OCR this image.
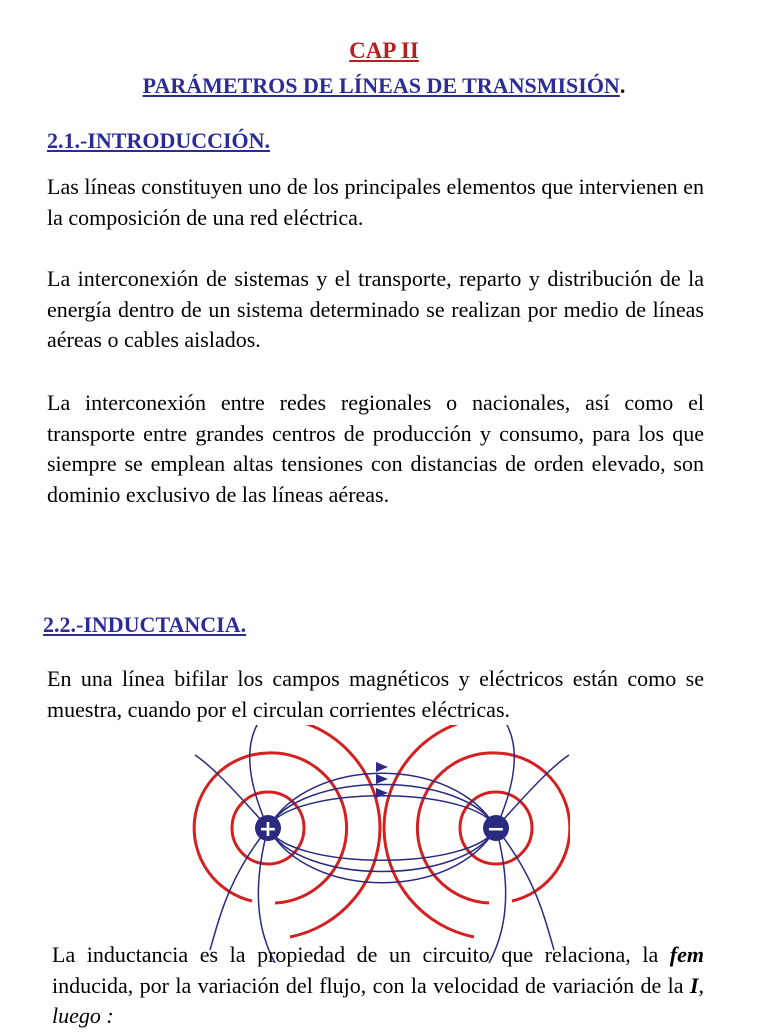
CAP II
PARÁMETROS DE LÍNEAS DE TRANSMISIÓN.
2.1.-INTRODUCCIÓN.

Las líneas constituyen uno de los principales elementos que intervienen en la composición de una red eléctrica.

La interconexión de sistemas y el transporte, reparto y distribución de la energía dentro de un sistema determinado se realizan por medio de líneas aéreas o cables aislados.

La interconexión entre redes regionales o nacionales, así como el transporte entre grandes centros de producción y consumo, para los que siempre se emplean altas tensiones con distancias de orden elevado, son dominio exclusivo de las líneas aéreas.

2.2.-INDUCTANCIA.

En una línea bifilar los campos magnéticos y eléctricos están como se muestra, cuando por el circulan corrientes eléctricas.

+	−

La inductancia es la propiedad de un circuito que relaciona, la fem inducida, por la variación del flujo, con la velocidad de variación de la I, luego :
